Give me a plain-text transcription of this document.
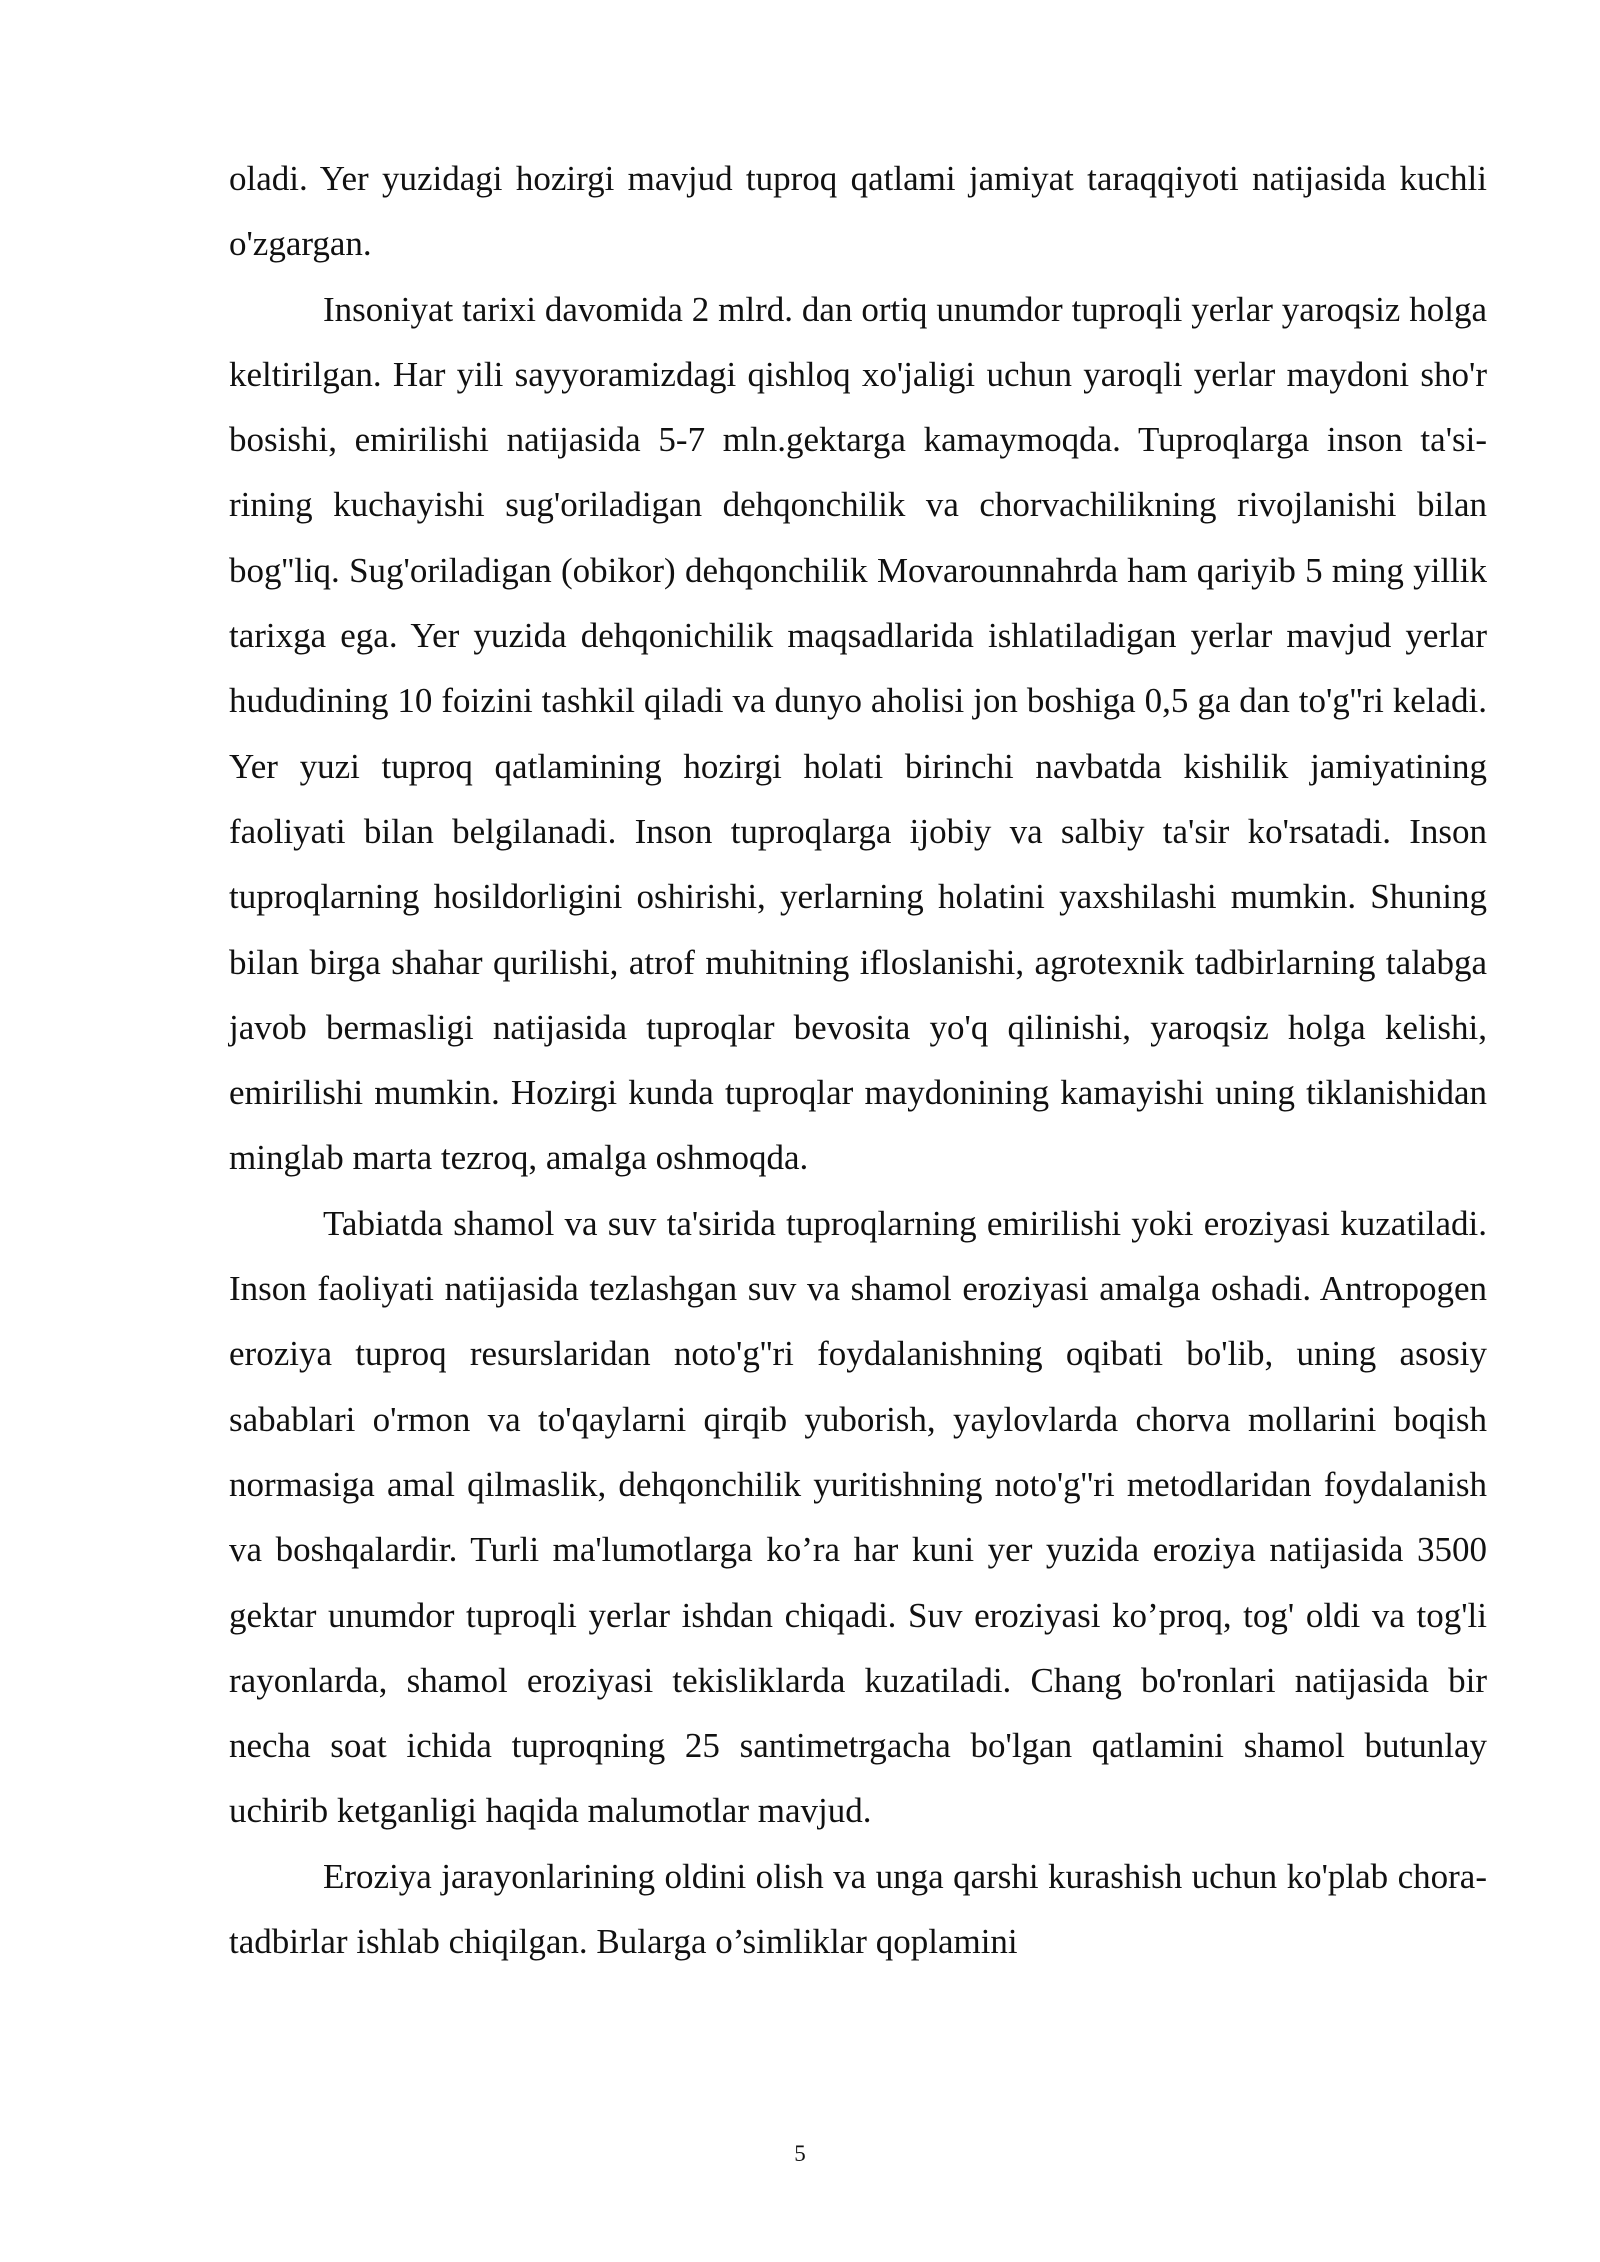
oladi. Yer yuzidagi hozirgi mavjud tuproq qatlami jamiyat taraqqiyoti natijasida kuchli o'zgargan.

Insoniyat tarixi davomida 2 mlrd. dan ortiq unumdor tuproqli yerlar yaroqsiz holga keltirilgan. Har yili sayyoramizdagi qishloq xo'jaligi uchun yaroqli yerlar maydoni sho'r bosishi, emirilishi natijasida 5-7 mln.gektarga kamaymoqda. Tuproqlarga inson ta'si-rining kuchayishi sug'oriladigan dehqonchilik va chorvachilikning rivojlanishi bilan bog''liq. Sug'oriladigan (obikor) dehqonchilik Movarounnahrda ham qariyib 5 ming yillik tarixga ega. Yer yuzida dehqonichilik maqsadlarida ishlatiladigan yerlar mavjud yerlar hududining 10 foizini tashkil qiladi va dunyo aholisi jon boshiga 0,5 ga dan to'g''ri keladi. Yer yuzi tuproq qatlamining hozirgi holati birinchi navbatda kishilik jamiyatining faoliyati bilan belgilanadi. Inson tuproqlarga ijobiy va salbiy ta'sir ko'rsatadi. Inson tuproqlarning hosildorligini oshirishi, yerlarning holatini yaxshilashi mumkin. Shuning bilan birga shahar qurilishi, atrof muhitning ifloslanishi, agrotexnik tadbirlarning talabga javob bermasligi natijasida tuproqlar bevosita yo'q qilinishi, yaroqsiz holga kelishi, emirilishi mumkin. Hozirgi kunda tuproqlar maydonining kamayishi uning tiklanishidan minglab marta tezroq, amalga oshmoqda.

Tabiatda shamol va suv ta'sirida tuproqlarning emirilishi yoki eroziyasi kuzatiladi. Inson faoliyati natijasida tezlashgan suv va shamol eroziyasi amalga oshadi. Antropogen eroziya tuproq resurslaridan noto'g''ri foydalanishning oqibati bo'lib, uning asosiy sabablari o'rmon va to'qaylarni qirqib yuborish, yaylovlarda chorva mollarini boqish normasiga amal qilmaslik, dehqonchilik yuritishning noto'g''ri metodlaridan foydalanish va boshqalardir. Turli ma'lumotlarga ko’ra har kuni yer yuzida eroziya natijasida 3500 gektar unumdor tuproqli yerlar ishdan chiqadi. Suv eroziyasi ko’proq, tog' oldi va tog'li rayonlarda, shamol eroziyasi tekisliklarda kuzatiladi. Chang bo'ronlari natijasida bir necha soat ichida tuproqning 25 santimetrgacha bo'lgan qatlamini shamol butunlay uchirib ketganligi haqida malumotlar mavjud.

Eroziya jarayonlarining oldini olish va unga qarshi kurashish uchun ko'plab chora-tadbirlar ishlab chiqilgan. Bularga o’simliklar qoplamini

5
